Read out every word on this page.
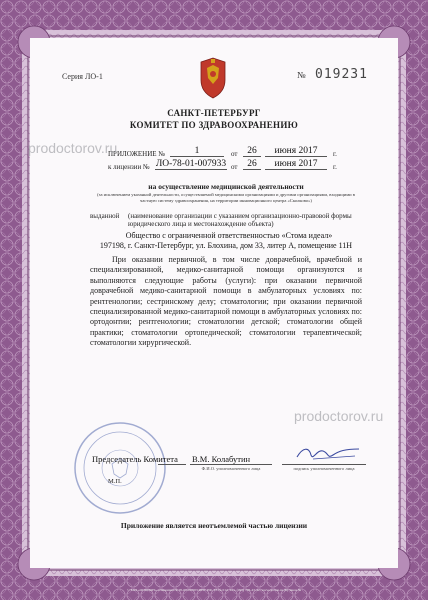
Серия ЛО-1	№ 019231
САНКТ-ПЕТЕРБУРГ
КОМИТЕТ ПО ЗДРАВООХРАНЕНИЮ
ПРИЛОЖЕНИЕ №	1	от	26	июня 2017	г.
к лицензии № ЛО-78-01-007933 от	26	июня 2017	г.
на осуществление медицинской деятельности
(за исключением указанной деятельности, осуществляемой медицинскими организациями и другими организациями, входящими в частную систему здравоохранения, на территории инновационного центра «Сколково»)
выданной (наименование организации с указанием организационно-правовой формы юридического лица и местонахождение объекта)
Общество с ограниченной ответственностью «Стома идеал»
197198, г. Санкт-Петербург, ул. Блохина, дом 33, литер А, помещение 11Н
При оказании первичной, в том числе доврачебной, врачебной и специализированной, медико-санитарной помощи организуются и выполняются следующие работы (услуги): при оказании первичной доврачебной медико-санитарной помощи в амбулаторных условиях по: рентгенологии; сестринскому делу; стоматологии; при оказании первичной специализированной медико-санитарной помощи в амбулаторных условиях по: ортодонтии; рентгенологии; стоматологии детской; стоматологии общей практики; стоматологии ортопедической; стоматологии терапевтической; стоматологии хирургической.
prodoctorov.ru
prodoctorov.ru
Председатель Комитета В.М. Колабутин
Ф.И.О. уполномоченного лица	подпись уполномоченного лица
М.П.
Приложение является неотъемлемой частью лицензии
© ЗАО «ОПЦИОН» «Лицензия № 05-05-09/003 ФНС РФ, ТЗ № 014. Тел. (495) 726-47-42, www.opcion.ru (Б) Заказ №
